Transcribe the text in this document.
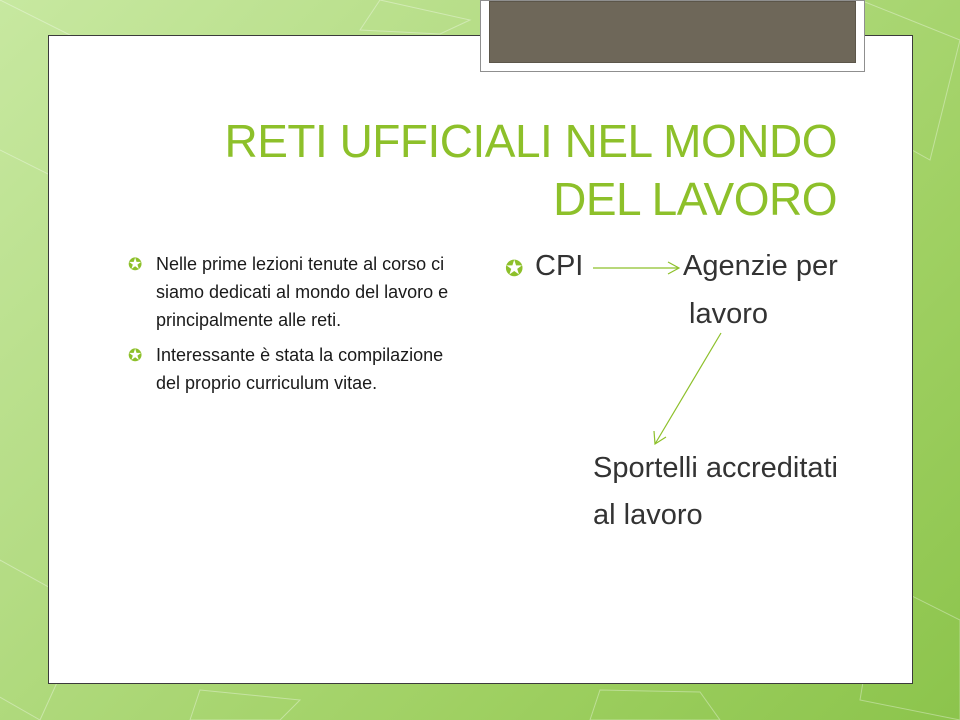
RETI UFFICIALI NEL MONDO DEL LAVORO
✪ Nelle prime lezioni tenute al corso ci siamo dedicati al mondo del lavoro e principalmente alle reti.
✪ Interessante è stata la compilazione del proprio curriculum vitae.
✪ CPI	Agenzie per
lavoro
Sportelli accreditati
al lavoro
